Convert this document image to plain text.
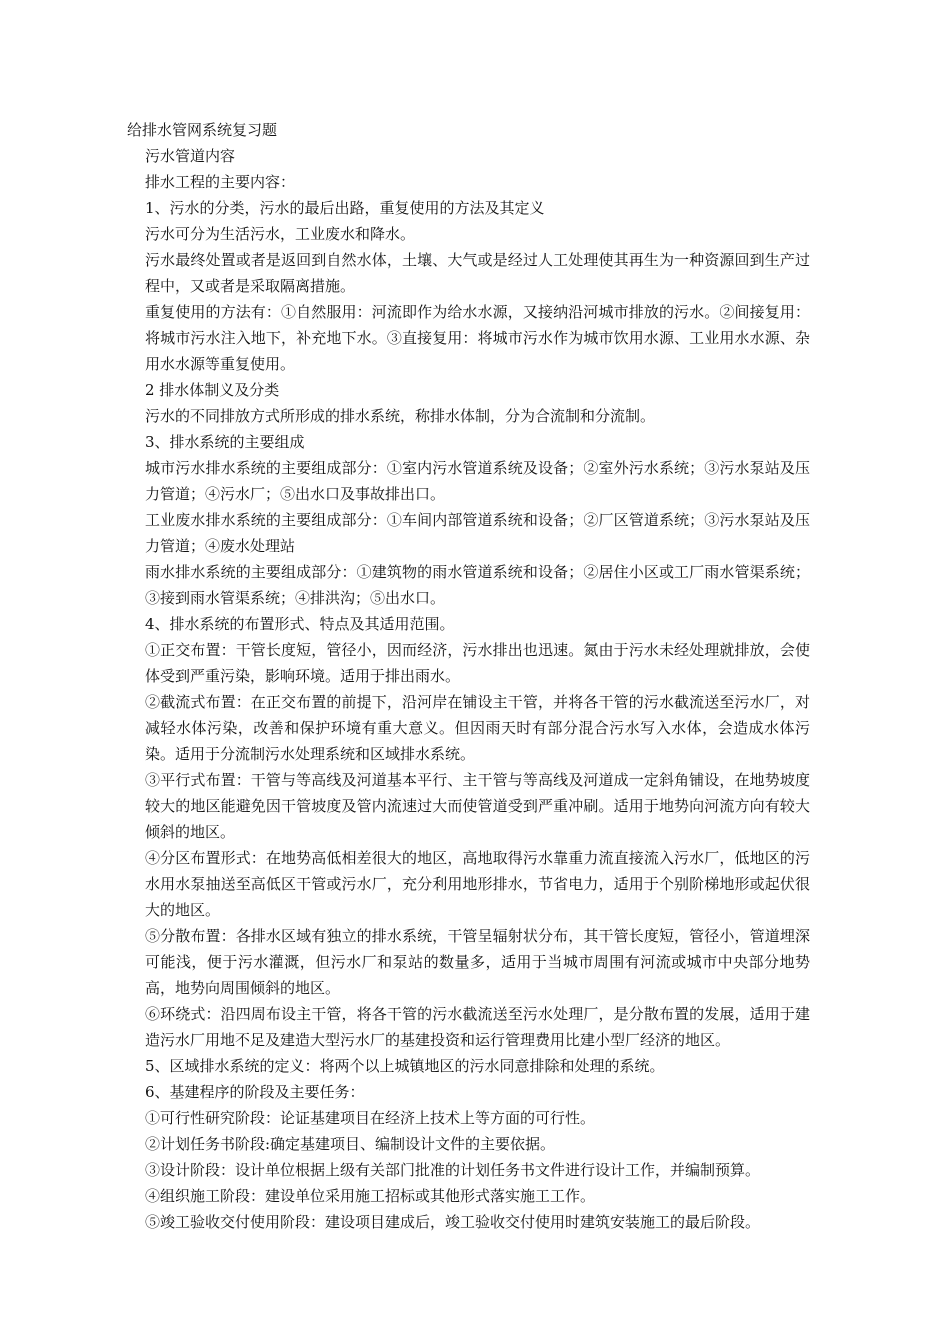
给排水管网系统复习题

污水管道内容

排水工程的主要内容：

1、污水的分类，污水的最后出路，重复使用的方法及其定义

污水可分为生活污水，工业废水和降水。

污水最终处置或者是返回到自然水体，土壤、大气或是经过人工处理使其再生为一种资源回到生产过程中，又或者是采取隔离措施。

重复使用的方法有：①自然服用：河流即作为给水水源，又接纳沿河城市排放的污水。②间接复用：将城市污水注入地下，补充地下水。③直接复用：将城市污水作为城市饮用水源、工业用水水源、杂用水水源等重复使用。

2 排水体制义及分类

污水的不同排放方式所形成的排水系统，称排水体制，分为合流制和分流制。

3、排水系统的主要组成

城市污水排水系统的主要组成部分：①室内污水管道系统及设备；②室外污水系统；③污水泵站及压力管道；④污水厂；⑤出水口及事故排出口。

工业废水排水系统的主要组成部分：①车间内部管道系统和设备；②厂区管道系统；③污水泵站及压力管道；④废水处理站

雨水排水系统的主要组成部分：①建筑物的雨水管道系统和设备；②居住小区或工厂雨水管渠系统；③接到雨水管渠系统；④排洪沟；⑤出水口。

4、排水系统的布置形式、特点及其适用范围。

①正交布置：干管长度短，管径小，因而经济，污水排出也迅速。氮由于污水未经处理就排放，会使体受到严重污染，影响环境。适用于排出雨水。

②截流式布置：在正交布置的前提下，沿河岸在铺设主干管，并将各干管的污水截流送至污水厂，对减轻水体污染，改善和保护环境有重大意义。但因雨天时有部分混合污水写入水体，会造成水体污染。适用于分流制污水处理系统和区域排水系统。

③平行式布置：干管与等高线及河道基本平行、主干管与等高线及河道成一定斜角铺设，在地势坡度较大的地区能避免因干管坡度及管内流速过大而使管道受到严重冲刷。适用于地势向河流方向有较大倾斜的地区。

④分区布置形式：在地势高低相差很大的地区，高地取得污水靠重力流直接流入污水厂，低地区的污水用水泵抽送至高低区干管或污水厂，充分利用地形排水，节省电力，适用于个别阶梯地形或起伏很大的地区。

⑤分散布置：各排水区域有独立的排水系统，干管呈辐射状分布，其干管长度短，管径小，管道埋深可能浅，便于污水灌溉，但污水厂和泵站的数量多，适用于当城市周围有河流或城市中央部分地势高，地势向周围倾斜的地区。

⑥环绕式：沿四周布设主干管，将各干管的污水截流送至污水处理厂，是分散布置的发展，适用于建造污水厂用地不足及建造大型污水厂的基建投资和运行管理费用比建小型厂经济的地区。

5、区域排水系统的定义：将两个以上城镇地区的污水同意排除和处理的系统。

6、基建程序的阶段及主要任务：

①可行性研究阶段：论证基建项目在经济上技术上等方面的可行性。

②计划任务书阶段:确定基建项目、编制设计文件的主要依据。

③设计阶段：设计单位根据上级有关部门批准的计划任务书文件进行设计工作，并编制预算。

④组织施工阶段：建设单位采用施工招标或其他形式落实施工工作。

⑤竣工验收交付使用阶段：建设项目建成后，竣工验收交付使用时建筑安装施工的最后阶段。
